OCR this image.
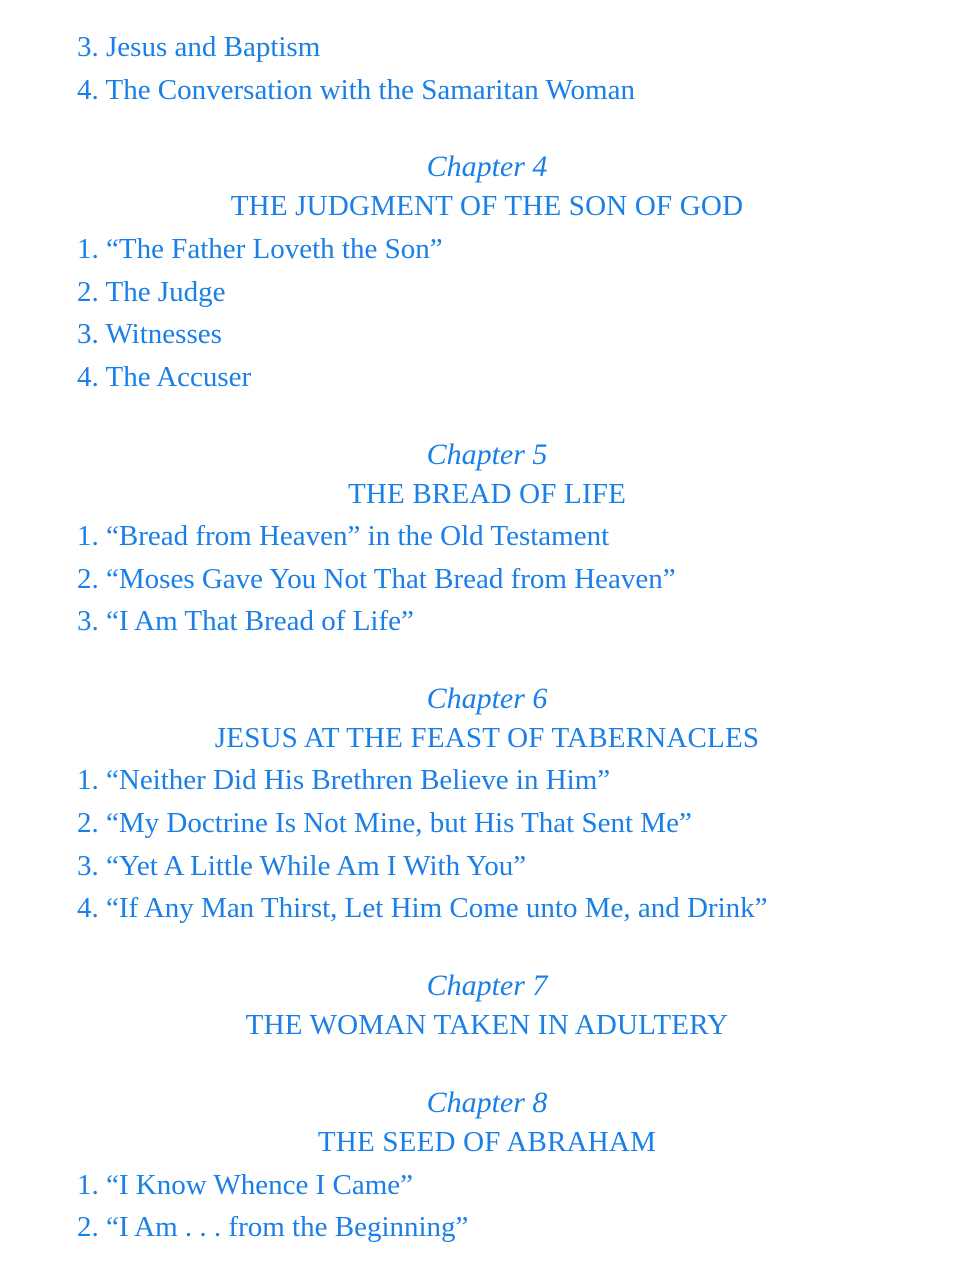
3. Jesus and Baptism
4. The Conversation with the Samaritan Woman
Chapter 4
THE JUDGMENT OF THE SON OF GOD
1. “The Father Loveth the Son”
2. The Judge
3. Witnesses
4. The Accuser
Chapter 5
THE BREAD OF LIFE
1. “Bread from Heaven” in the Old Testament
2. “Moses Gave You Not That Bread from Heaven”
3. “I Am That Bread of Life”
Chapter 6
JESUS AT THE FEAST OF TABERNACLES
1. “Neither Did His Brethren Believe in Him”
2. “My Doctrine Is Not Mine, but His That Sent Me”
3. “Yet A Little While Am I With You”
4. “If Any Man Thirst, Let Him Come unto Me, and Drink”
Chapter 7
THE WOMAN TAKEN IN ADULTERY
Chapter 8
THE SEED OF ABRAHAM
1. “I Know Whence I Came”
2. “I Am . . . from the Beginning”
